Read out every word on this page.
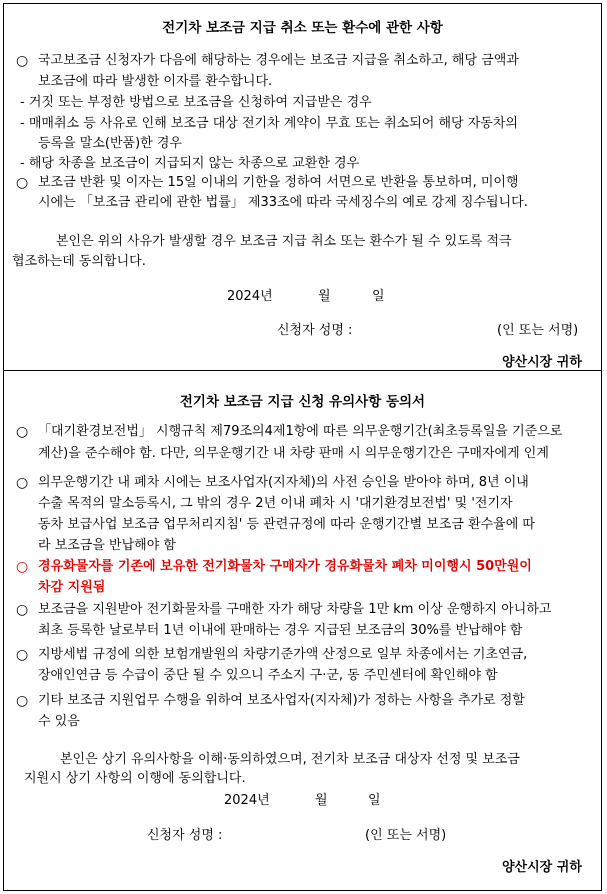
전기차 보조금 지급 취소 또는 환수에 관한 사항
○ 국고보조금 신청자가 다음에 해당하는 경우에는 보조금 지급을 취소하고, 해당 금액과
보조금에 따라 발생한 이자를 환수합니다.
- 거짓 또는 부정한 방법으로 보조금을 신청하여 지급받은 경우
- 매매취소 등 사유로 인해 보조금 대상 전기차 계약이 무효 또는 취소되어 해당 자동차의
등록을 말소(반품)한 경우
- 해당 차종을 보조금이 지급되지 않는 차종으로 교환한 경우
○ 보조금 반환 및 이자는 15일 이내의 기한을 정하여 서면으로 반환을 통보하며, 미이행
시에는 「보조금 관리에 관한 법률」 제33조에 따라 국세징수의 예로 강제 징수됩니다.
본인은 위의 사유가 발생할 경우 보조금 지급 취소 또는 환수가 될 수 있도록 적극
협조하는데 동의합니다.
2024년	월	일
신청자 성명 :	(인 또는 서명)
양산시장 귀하
전기차 보조금 지급 신청 유의사항 동의서
○ 「대기환경보전법」 시행규칙 제79조의4제1항에 따른 의무운행기간(최초등록일을 기준으로
계산)을 준수해야 함. 다만, 의무운행기간 내 차량 판매 시 의무운행기간은 구매자에게 인계
○ 의무운행기간 내 폐차 시에는 보조사업자(지자체)의 사전 승인을 받아야 하며, 8년 이내
수출 목적의 말소등록시, 그 밖의 경우 2년 이내 폐차 시 '대기환경보전법' 및 '전기자
동차 보급사업 보조금 업무처리지침' 등 관련규정에 따라 운행기간별 보조금 환수율에 따
라 보조금을 반납해야 함
○ 경유화물자를 기존에 보유한 전기화물차 구매자가 경유화물차 폐차 미이행시 50만원이
차감 지원됨
○ 보조금을 지원받아 전기화물차를 구매한 자가 해당 차량을 1만 km 이상 운행하지 아니하고
최초 등록한 날로부터 1년 이내에 판매하는 경우 지급된 보조금의 30%를 반납해야 함
○ 지방세법 규정에 의한 보험개발원의 차량기준가액 산정으로 일부 차종에서는 기초연금,
장애인연금 등 수급이 중단 될 수 있으니 주소지 구·군, 동 주민센터에 확인해야 함
○ 기타 보조금 지원업무 수행을 위하여 보조사업자(지자체)가 정하는 사항을 추가로 정할
수 있음
본인은 상기 유의사항을 이해·동의하였으며, 전기차 보조금 대상자 선정 및 보조금
지원시 상기 사항의 이행에 동의합니다.
2024년	월	일
신청자 성명 :	(인 또는 서명)
양산시장 귀하
